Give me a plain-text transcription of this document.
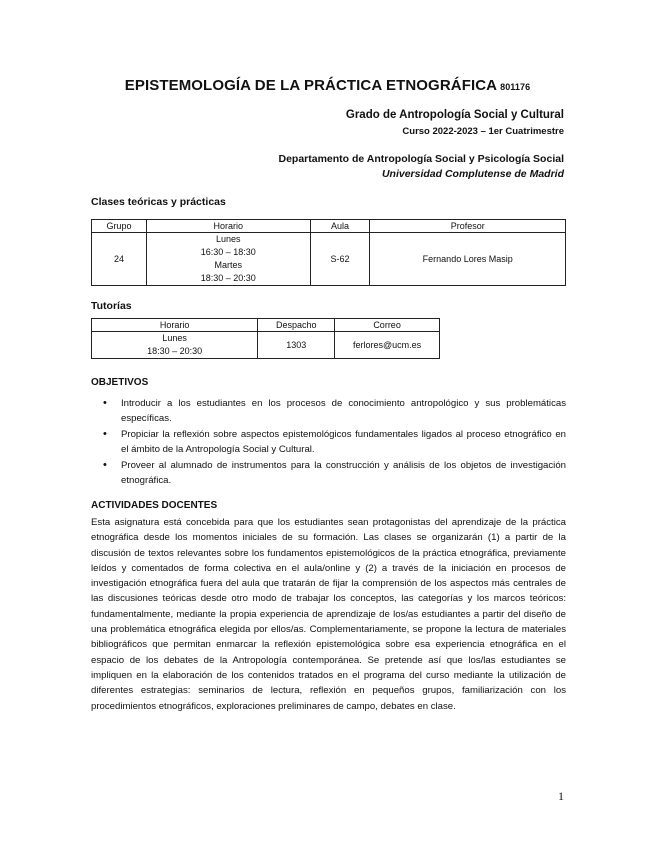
EPISTEMOLOGÍA DE LA PRÁCTICA ETNOGRÁFICA 801176
Grado de Antropología Social y Cultural
Curso 2022-2023 – 1er Cuatrimestre
Departamento de Antropología Social y Psicología Social
Universidad Complutense de Madrid
Clases teóricas y prácticas
Grupo	Horario	Aula	Profesor
24	Lunes
16:30 – 18:30
Martes
18:30 – 20:30	S-62	Fernando Lores Masip
Tutorías
Horario	Despacho	Correo

Lunes
18:30 – 20:30	1303	ferlores@ucm.es
OBJETIVOS
• Introducir a los estudiantes en los procesos de conocimiento antropológico y sus problemáticas específicas.
• Propiciar la reflexión sobre aspectos epistemológicos fundamentales ligados al proceso etnográfico en el ámbito de la Antropología Social y Cultural.
• Proveer al alumnado de instrumentos para la construcción y análisis de los objetos de investigación etnográfica.
ACTIVIDADES DOCENTES

Esta asignatura está concebida para que los estudiantes sean protagonistas del aprendizaje de la práctica etnográfica desde los momentos iniciales de su formación. Las clases se organizarán (1) a partir de la discusión de textos relevantes sobre los fundamentos epistemológicos de la práctica etnográfica, previamente leídos y comentados de forma colectiva en el aula/online y (2) a través de la iniciación en procesos de investigación etnográfica fuera del aula que tratarán de fijar la comprensión de los aspectos más centrales de las discusiones teóricas desde otro modo de trabajar los conceptos, las categorías y los marcos teóricos: fundamentalmente, mediante la propia experiencia de aprendizaje de los/as estudiantes a partir del diseño de una problemática etnográfica elegida por ellos/as. Complementariamente, se propone la lectura de materiales bibliográficos que permitan enmarcar la reflexión epistemológica sobre esa experiencia etnográfica en el espacio de los debates de la Antropología contemporánea. Se pretende así que los/las estudiantes se impliquen en la elaboración de los contenidos tratados en el programa del curso mediante la utilización de diferentes estrategias: seminarios de lectura, reflexión en pequeños grupos, familiarización con los procedimientos etnográficos, exploraciones preliminares de campo, debates en clase.

1
